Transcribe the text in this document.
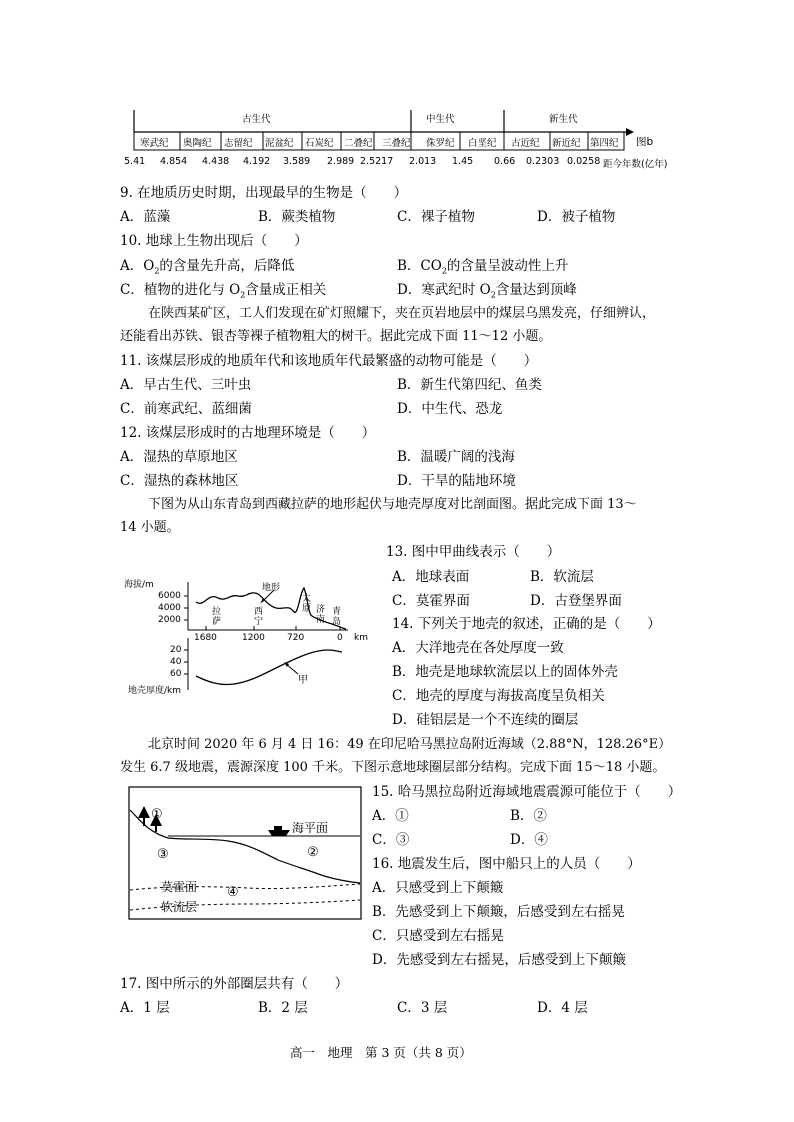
古生代	中生代	新生代
寒武纪 奥陶纪 志留纪 泥盆纪 石炭纪 二叠纪 三叠纪 侏罗纪 白垩纪 古近纪 新近纪 第四纪 图b
5.41 4.854 4.438 4.192 3.589 2.989 2.5217 2.013 1.45 0.66 0.2303 0.0258 距今年数(亿年)
9. 在地质历史时期，出现最早的生物是（　　）
A．蓝藻	B．蕨类植物	C．裸子植物	D．被子植物
10. 地球上生物出现后（　　）
A．$O_2$的含量先升高，后降低	B．$CO_2$的含量呈波动性上升
C．植物的进化与 $O_2$含量成正相关	D．寒武纪时 $O_2$含量达到顶峰
在陕西某矿区，工人们发现在矿灯照耀下，夹在页岩地层中的煤层乌黑发亮，仔细辨认，
还能看出苏铁、银杏等裸子植物粗大的树干。据此完成下面 11～12 小题。
11. 该煤层形成的地质年代和该地质年代最繁盛的动物可能是（　　）
A．早古生代、三叶虫	B．新生代第四纪、鱼类
C．前寒武纪、蓝细菌	D．中生代、恐龙
12. 该煤层形成时的古地理环境是（　　）
A．湿热的草原地区	B．温暖广阔的浅海
C．湿热的森林地区	D．干旱的陆地环境
下图为从山东青岛到西藏拉萨的地形起伏与地壳厚度对比剖面图。据此完成下面 13～
14 小题。
海拔/m
6000
4000
2000
地形
拉
萨
西
宁
太
原 济
南
青
岛
1680	1200 720	0 km
20
40
60
甲
地壳厚度/km
13. 图中甲曲线表示（　　）
A．地球表面	B．软流层
C．莫霍界面	D．古登堡界面
14. 下列关于地壳的叙述，正确的是（　　）
A．大洋地壳在各处厚度一致
B．地壳是地球软流层以上的固体外壳
C．地壳的厚度与海拔高度呈负相关
D．硅铝层是一个不连续的圈层
北京时间 2020 年 6 月 4 日 16：49 在印尼哈马黑拉岛附近海域（2.88°N，128.26°E）
发生 6.7 级地震，震源深度 100 千米。下图示意地球圈层部分结构。完成下面 15～18 小题。
①
海平面
②
③
④
莫霍面
软流层
15. 哈马黑拉岛附近海域地震震源可能位于（　　）
A．①	B．②
C．③	D．④
16. 地震发生后，图中船只上的人员（　　）
A．只感受到上下颠簸
B．先感受到上下颠簸，后感受到左右摇晃
C．只感受到左右摇晃
D．先感受到左右摇晃，后感受到上下颠簸
17. 图中所示的外部圈层共有（　　）
A．1 层	B．2 层	C．3 层	D．4 层
高一　地理　第 3 页（共 8 页）
